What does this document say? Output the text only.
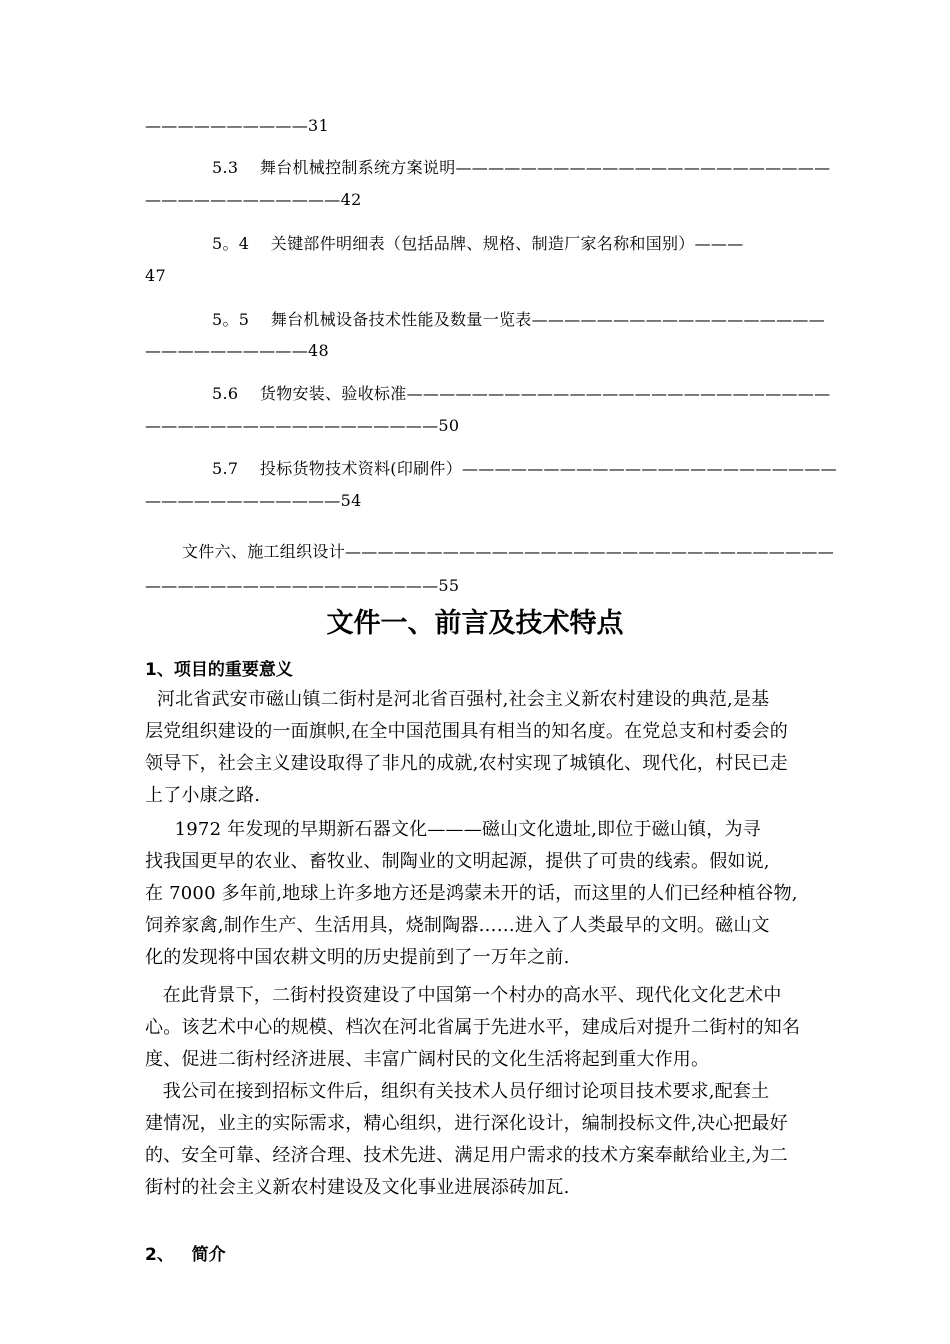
——————————31
5.3    舞台机械控制系统方案说明———————————————————————
————————————42
5。4    关键部件明细表（包括品牌、规格、制造厂家名称和国别）———
47
5。5    舞台机械设备技术性能及数量一览表——————————————————
——————————48
5.6    货物安装、验收标准——————————————————————————
——————————————————50
5.7    投标货物技术资料(印刷件）———————————————————————
————————————54
文件六、施工组织设计——————————————————————————————
——————————————————55
文件一、前言及技术特点
1、项目的重要意义
河北省武安市磁山镇二街村是河北省百强村,社会主义新农村建设的典范,是基
层党组织建设的一面旗帜,在全中国范围具有相当的知名度。在党总支和村委会的
领导下，社会主义建设取得了非凡的成就,农村实现了城镇化、现代化，村民已走
上了小康之路.
1972 年发现的早期新石器文化———磁山文化遗址,即位于磁山镇，为寻
找我国更早的农业、畜牧业、制陶业的文明起源，提供了可贵的线索。假如说,
在 7000 多年前,地球上许多地方还是鸿蒙未开的话，而这里的人们已经种植谷物,
饲养家禽,制作生产、生活用具，烧制陶器……进入了人类最早的文明。磁山文
化的发现将中国农耕文明的历史提前到了一万年之前.
在此背景下，二街村投资建设了中国第一个村办的高水平、现代化文化艺术中
心。该艺术中心的规模、档次在河北省属于先进水平，建成后对提升二街村的知名
度、促进二街村经济进展、丰富广阔村民的文化生活将起到重大作用。
我公司在接到招标文件后，组织有关技术人员仔细讨论项目技术要求,配套土
建情况，业主的实际需求，精心组织，进行深化设计，编制投标文件,决心把最好
的、安全可靠、经济合理、技术先进、满足用户需求的技术方案奉献给业主,为二
街村的社会主义新农村建设及文化事业进展添砖加瓦.
2、   简介
